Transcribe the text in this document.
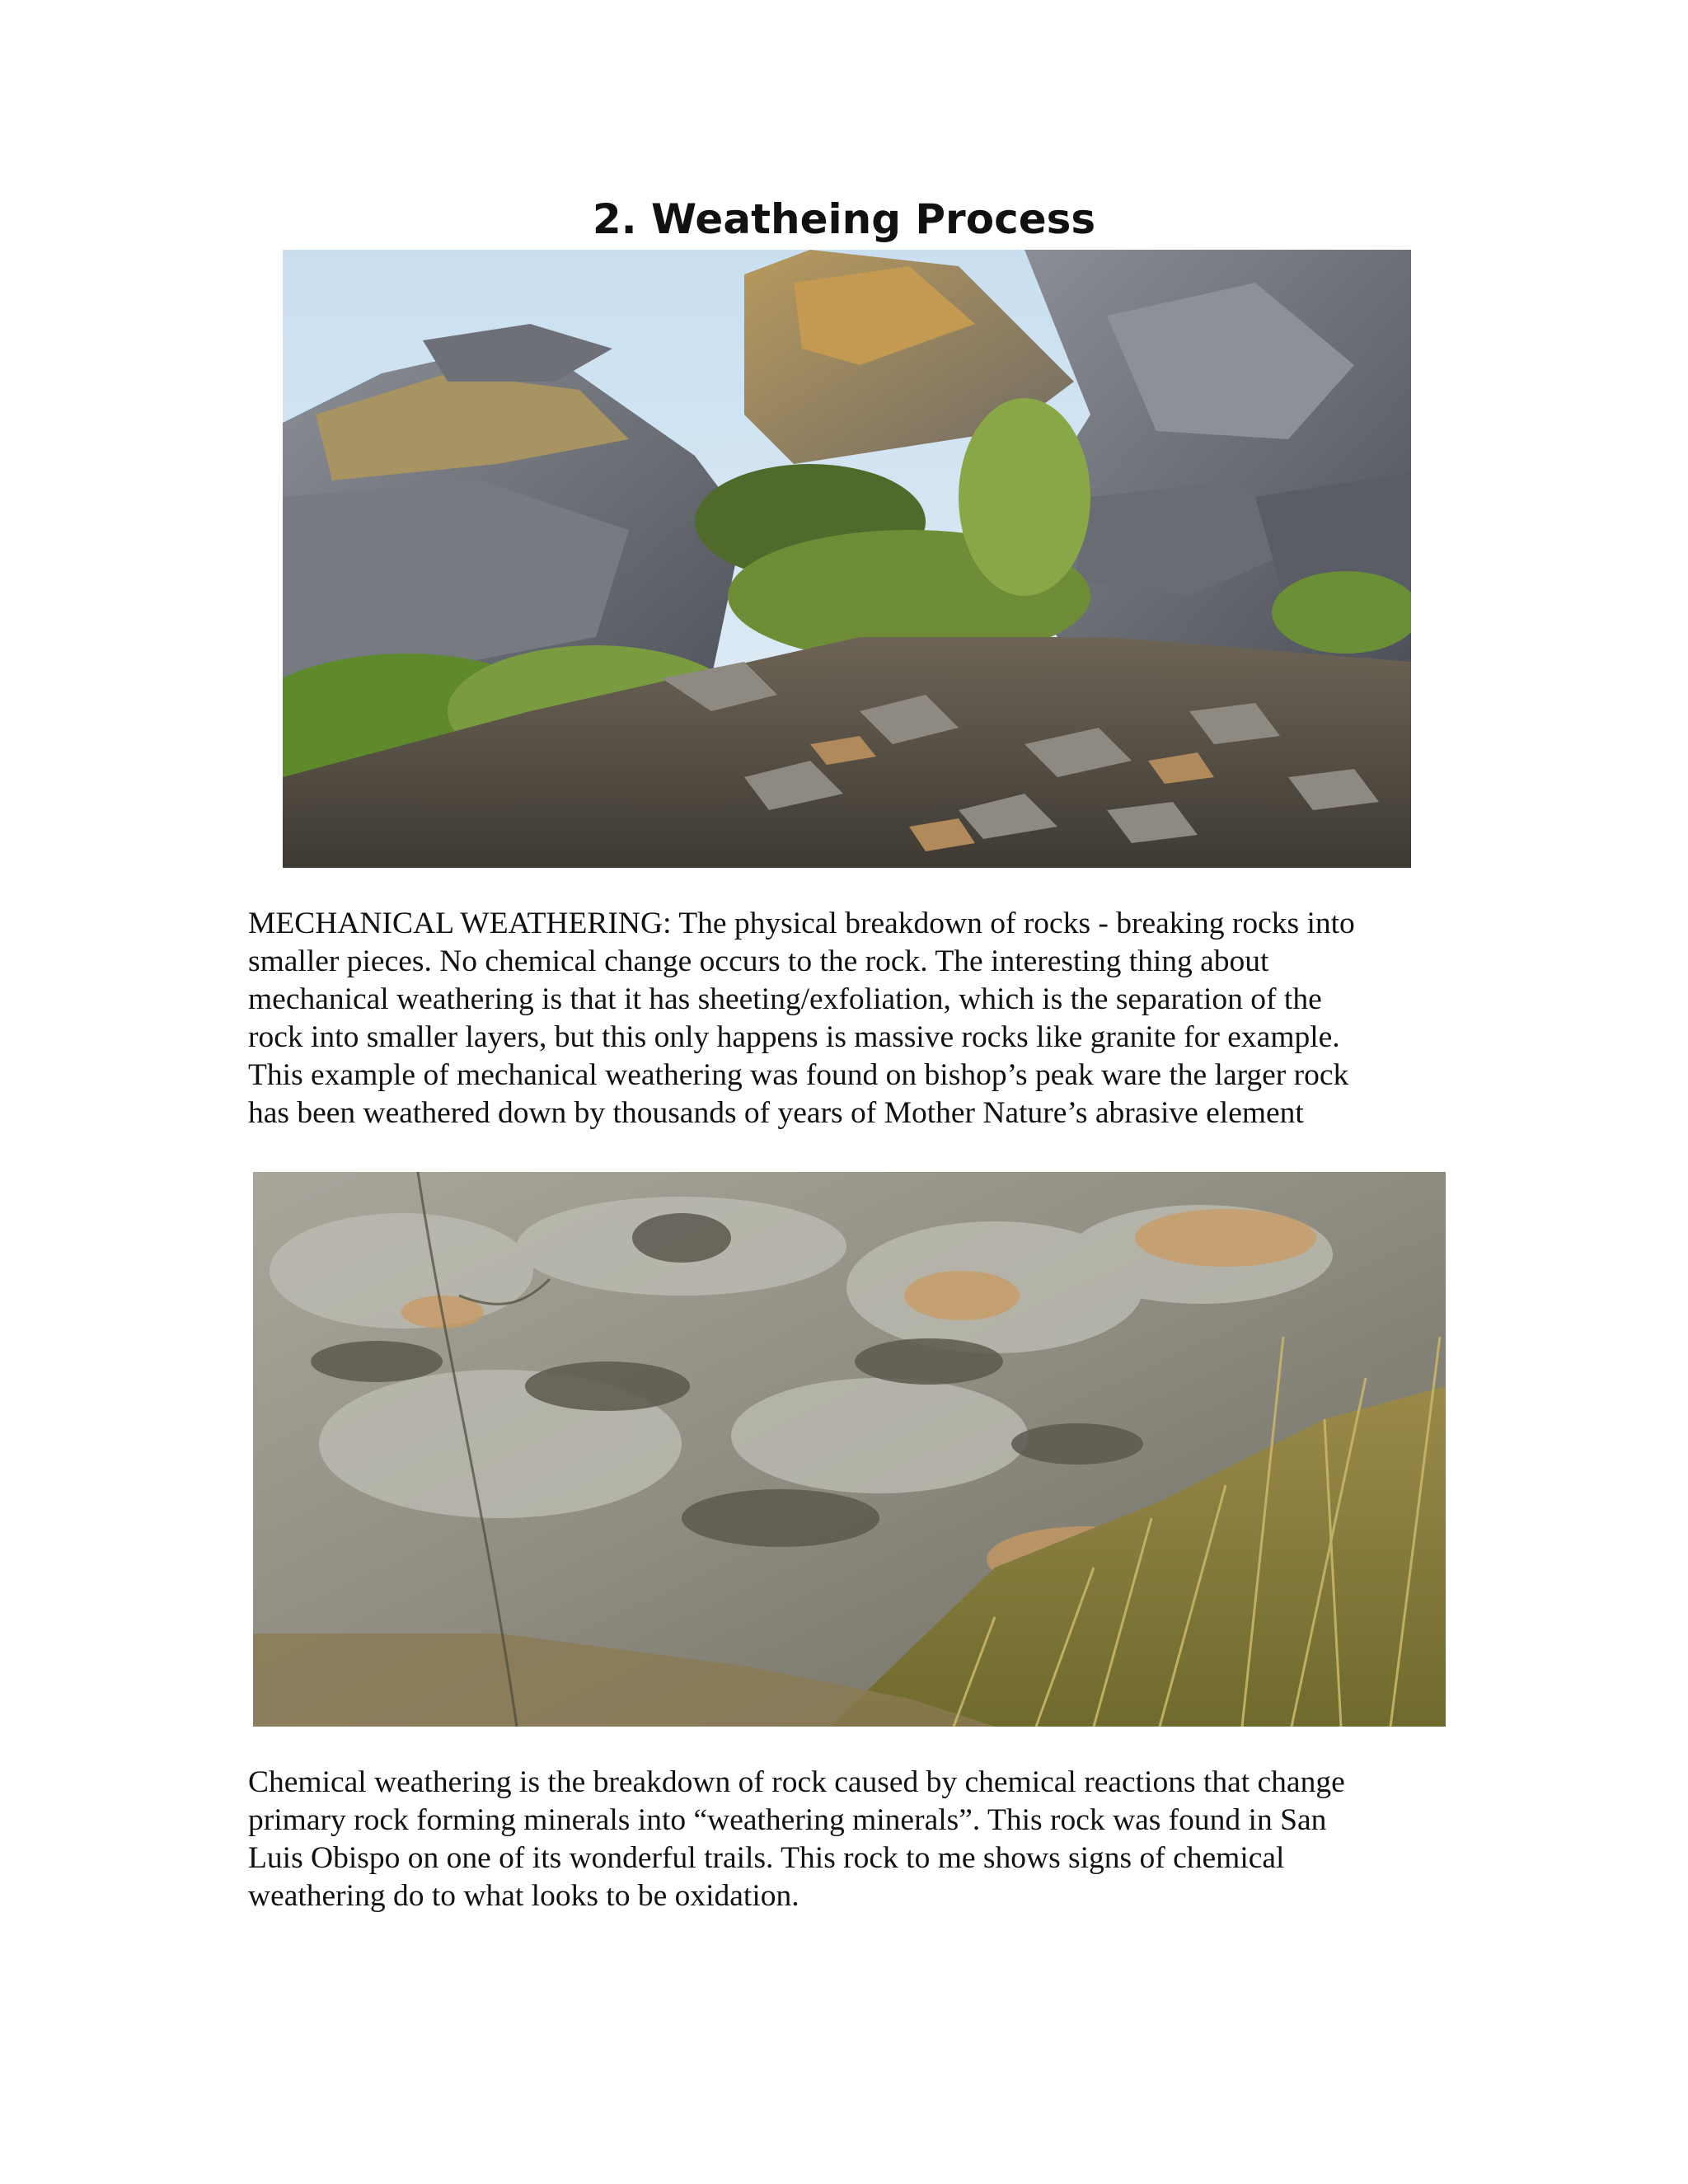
2. Weatheing Process

MECHANICAL WEATHERING: The physical breakdown of rocks - breaking rocks into
smaller pieces. No chemical change occurs to the rock. The interesting thing about
mechanical weathering is that it has sheeting/exfoliation, which is the separation of the
rock into smaller layers, but this only happens is massive rocks like granite for example.
This example of mechanical weathering was found on bishop’s peak ware the larger rock
has been weathered down by thousands of years of Mother Nature’s abrasive element

Chemical weathering is the breakdown of rock caused by chemical reactions that change
primary rock forming minerals into “weathering minerals”. This rock was found in San
Luis Obispo on one of its wonderful trails. This rock to me shows signs of chemical
weathering do to what looks to be oxidation.
